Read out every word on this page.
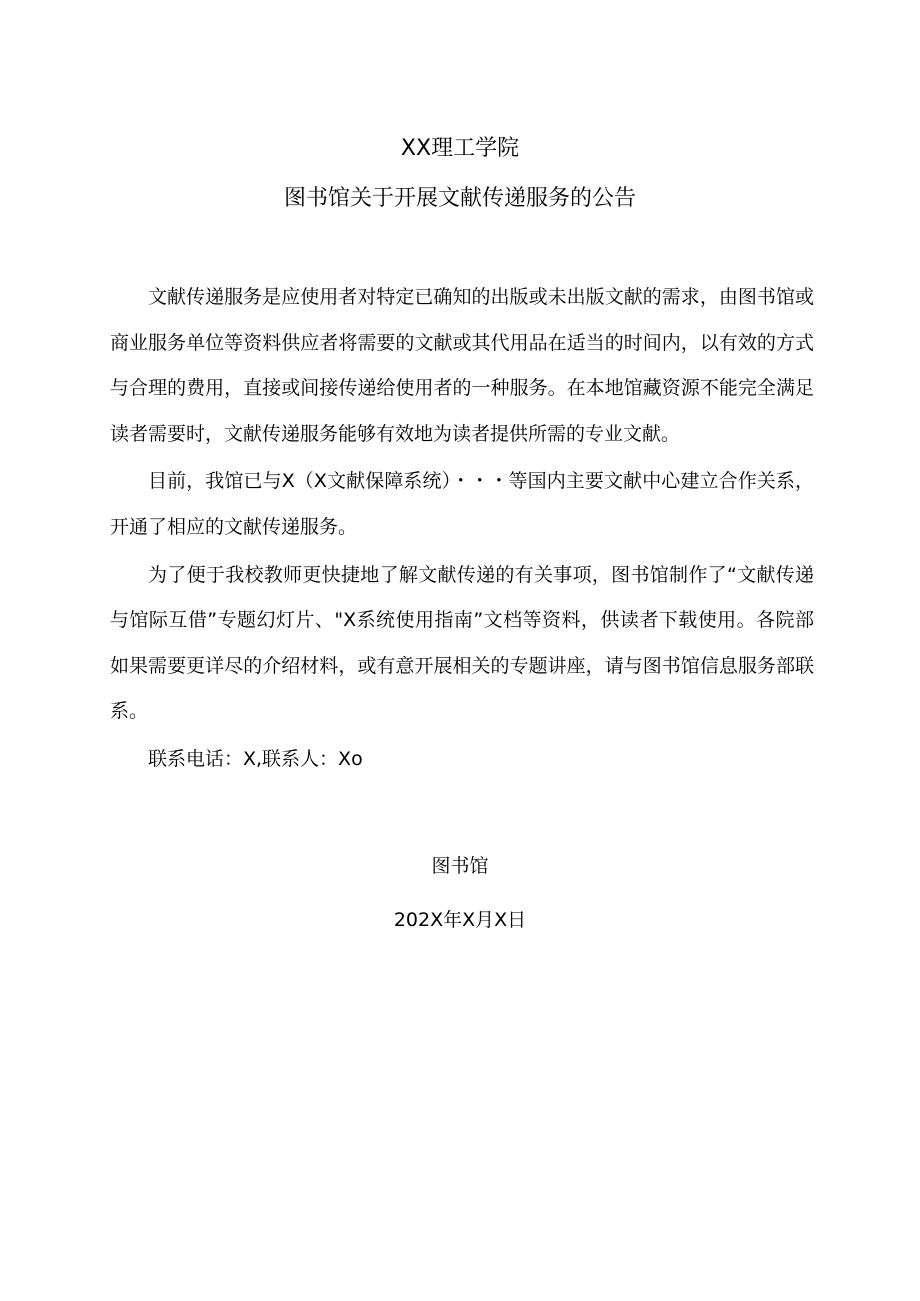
XX理工学院
图书馆关于开展文献传递服务的公告

文献传递服务是应使用者对特定已确知的出版或未出版文献的需求，由图书馆或商业服务单位等资料供应者将需要的文献或其代用品在适当的时间内，以有效的方式与合理的费用，直接或间接传递给使用者的一种服务。在本地馆藏资源不能完全满足读者需要时，文献传递服务能够有效地为读者提供所需的专业文献。

目前，我馆已与X（X文献保障系统）・・・等国内主要文献中心建立合作关系，开通了相应的文献传递服务。

为了便于我校教师更快捷地了解文献传递的有关事项，图书馆制作了“文献传递与馆际互借”专题幻灯片、"X系统使用指南”文档等资料，供读者下载使用。各院部如果需要更详尽的介绍材料，或有意开展相关的专题讲座，请与图书馆信息服务部联系。

联系电话：X,联系人：Xo

图书馆
202X年X月X日
